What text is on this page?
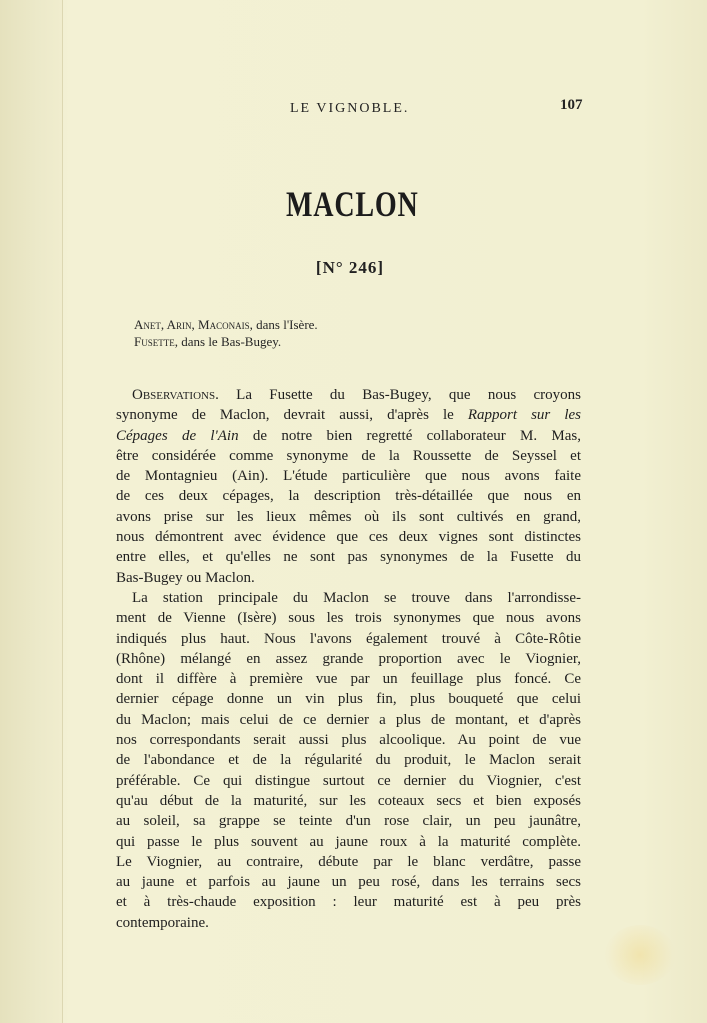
LE VIGNOBLE.	107
MACLON
[N° 246]
Anet, Arin, Maconais, dans l'Isère.
Fusette, dans le Bas-Bugey.
Observations. La Fusette du Bas-Bugey, que nous croyons
synonyme de Maclon, devrait aussi, d'après le Rapport sur les
Cépages de l'Ain de notre bien regretté collaborateur M. Mas,
être considérée comme synonyme de la Roussette de Seyssel et
de Montagnieu (Ain). L'étude particulière que nous avons faite
de ces deux cépages, la description très-détaillée que nous en
avons prise sur les lieux mêmes où ils sont cultivés en grand,
nous démontrent avec évidence que ces deux vignes sont distinctes
entre elles, et qu'elles ne sont pas synonymes de la Fusette du
Bas-Bugey ou Maclon.
La station principale du Maclon se trouve dans l'arrondisse-
ment de Vienne (Isère) sous les trois synonymes que nous avons
indiqués plus haut. Nous l'avons également trouvé à Côte-Rôtie
(Rhône) mélangé en assez grande proportion avec le Viognier,
dont il diffère à première vue par un feuillage plus foncé. Ce
dernier cépage donne un vin plus fin, plus bouqueté que celui
du Maclon; mais celui de ce dernier a plus de montant, et d'après
nos correspondants serait aussi plus alcoolique. Au point de vue
de l'abondance et de la régularité du produit, le Maclon serait
préférable. Ce qui distingue surtout ce dernier du Viognier, c'est
qu'au début de la maturité, sur les coteaux secs et bien exposés
au soleil, sa grappe se teinte d'un rose clair, un peu jaunâtre,
qui passe le plus souvent au jaune roux à la maturité complète.
Le Viognier, au contraire, débute par le blanc verdâtre, passe
au jaune et parfois au jaune un peu rosé, dans les terrains secs
et à très-chaude exposition : leur maturité est à peu près
contemporaine.
